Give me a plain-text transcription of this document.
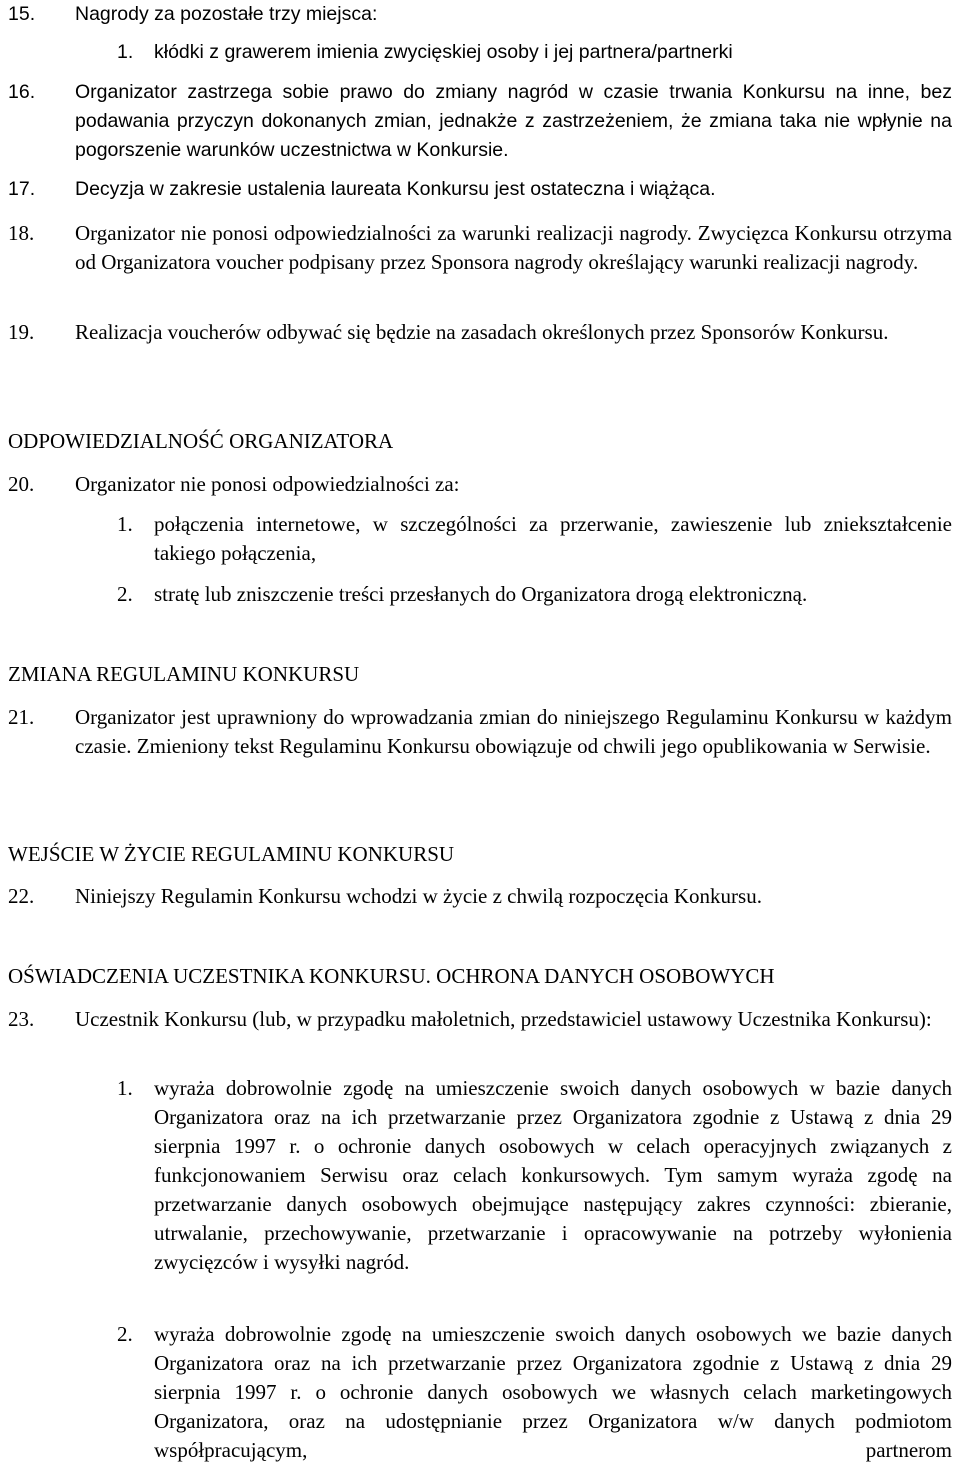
15. Nagrody za pozostałe trzy miejsca:
1. kłódki z grawerem imienia zwycięskiej osoby i jej partnera/partnerki
16. Organizator zastrzega sobie prawo do zmiany nagród w czasie trwania Konkursu na inne, bez podawania przyczyn dokonanych zmian, jednakże z zastrzeżeniem, że zmiana taka nie wpłynie na pogorszenie warunków uczestnictwa w Konkursie.
17. Decyzja w zakresie ustalenia laureata Konkursu jest ostateczna i wiążąca.
18. Organizator nie ponosi odpowiedzialności za warunki realizacji nagrody. Zwycięzca Konkursu otrzyma od Organizatora voucher podpisany przez Sponsora nagrody określający warunki realizacji nagrody.
19. Realizacja voucherów odbywać się będzie na zasadach określonych przez Sponsorów Konkursu.
ODPOWIEDZIALNOŚĆ ORGANIZATORA
20. Organizator nie ponosi odpowiedzialności za:
1. połączenia internetowe, w szczególności za przerwanie, zawieszenie lub zniekształcenie takiego połączenia,
2. stratę lub zniszczenie treści przesłanych do Organizatora drogą elektroniczną.
ZMIANA REGULAMINU KONKURSU
21. Organizator jest uprawniony do wprowadzania zmian do niniejszego Regulaminu Konkursu w każdym czasie. Zmieniony tekst Regulaminu Konkursu obowiązuje od chwili jego opublikowania w Serwisie.
WEJŚCIE W ŻYCIE REGULAMINU KONKURSU
22. Niniejszy Regulamin Konkursu wchodzi w życie z chwilą rozpoczęcia Konkursu.
OŚWIADCZENIA UCZESTNIKA KONKURSU. OCHRONA DANYCH OSOBOWYCH
23. Uczestnik Konkursu (lub, w przypadku małoletnich, przedstawiciel ustawowy Uczestnika Konkursu):
1. wyraża dobrowolnie zgodę na umieszczenie swoich danych osobowych w bazie danych Organizatora oraz na ich przetwarzanie przez Organizatora zgodnie z Ustawą z dnia 29 sierpnia 1997 r. o ochronie danych osobowych w celach operacyjnych związanych z funkcjonowaniem Serwisu oraz celach konkursowych. Tym samym wyraża zgodę na przetwarzanie danych osobowych obejmujące następujący zakres czynności: zbieranie, utrwalanie, przechowywanie, przetwarzanie i opracowywanie na potrzeby wyłonienia zwycięzców i wysyłki nagród.
2. wyraża dobrowolnie zgodę na umieszczenie swoich danych osobowych we bazie danych Organizatora oraz na ich przetwarzanie przez Organizatora zgodnie z Ustawą z dnia 29 sierpnia 1997 r. o ochronie danych osobowych we własnych celach marketingowych Organizatora, oraz na udostępnianie przez Organizatora w/w danych podmiotom współpracującym, partnerom
